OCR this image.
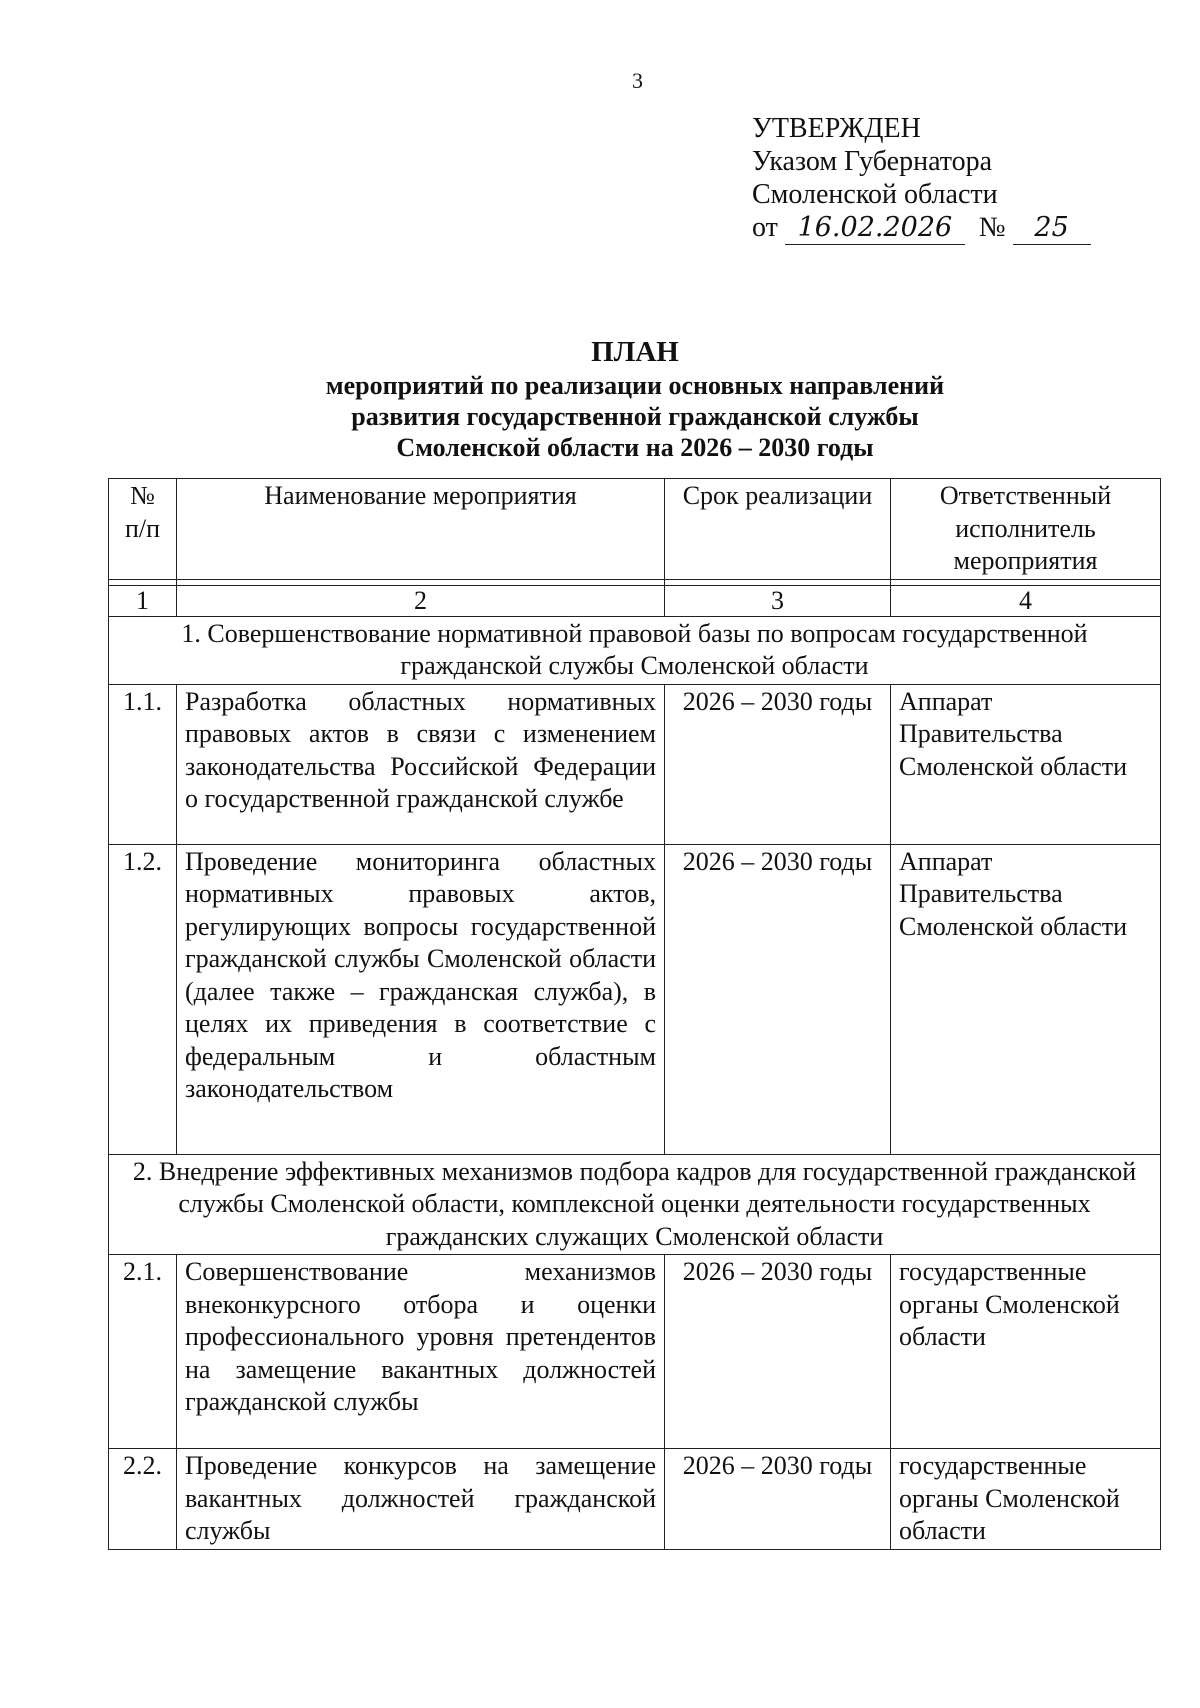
3
УТВЕРЖДЕН
Указом Губернатора
Смоленской области
от 16.02.2026 № 25
ПЛАН
мероприятий по реализации основных направлений
развития государственной гражданской службы
Смоленской области на 2026 – 2030 годы
№ п/п	Наименование мероприятия	Срок реализации	Ответственный исполнитель мероприятия

1	2	3	4
1. Совершенствование нормативной правовой базы по вопросам государственной гражданской службы Смоленской области			
1.1.	Разработка областных нормативных правовых актов в связи с изменением законодательства Российской Федерации о государственной гражданской службе	2026 – 2030 годы	Аппарат Правительства Смоленской области
1.2.	Проведение мониторинга областных нормативных правовых актов, регулирующих вопросы государственной гражданской службы Смоленской области (далее также – гражданская служба), в целях их приведения в соответствие с федеральным и областным законодательством	2026 – 2030 годы	Аппарат Правительства Смоленской области
2. Внедрение эффективных механизмов подбора кадров для государственной гражданской службы Смоленской области, комплексной оценки деятельности государственных гражданских служащих Смоленской области			
2.1.	Совершенствование механизмов внеконкурсного отбора и оценки профессионального уровня претендентов на замещение вакантных должностей гражданской службы	2026 – 2030 годы	государственные органы Смоленской области
2.2.	Проведение конкурсов на замещение вакантных должностей гражданской службы	2026 – 2030 годы	государственные органы Смоленской области
